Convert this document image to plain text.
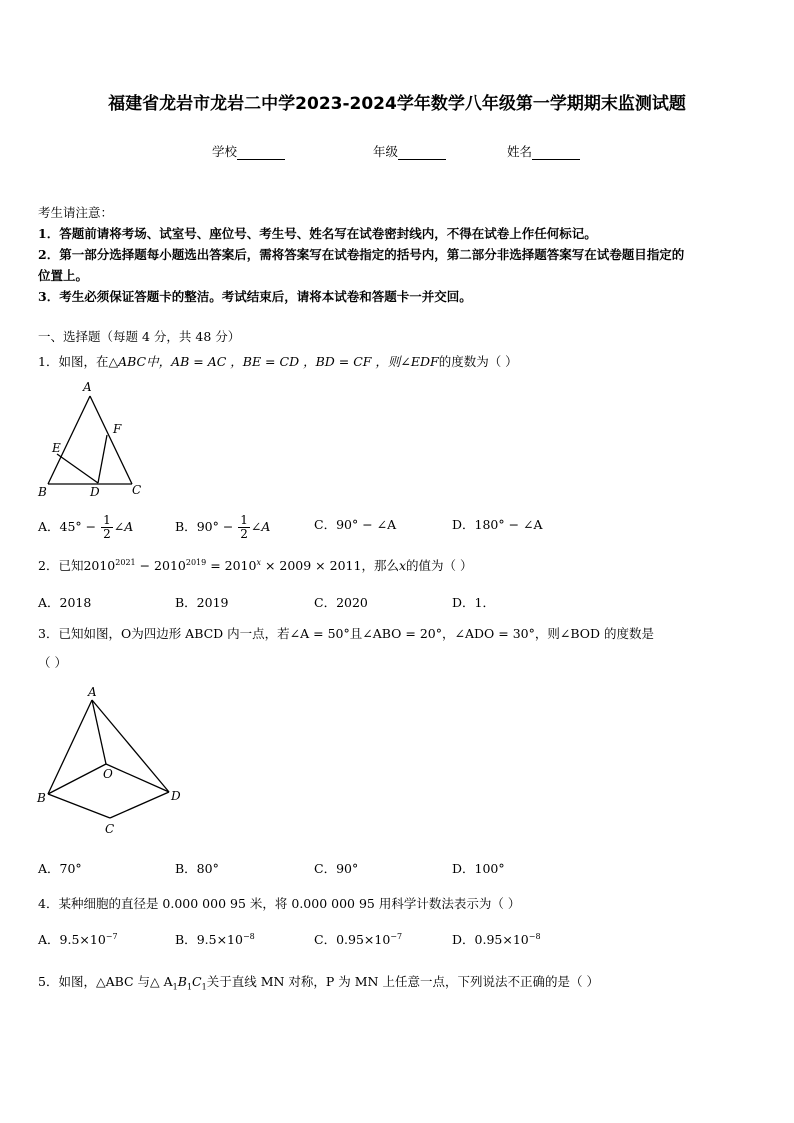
福建省龙岩市龙岩二中学2023-2024学年数学八年级第一学期期末监测试题
学校	年级	姓名

考生请注意：

1．答题前请将考场、试室号、座位号、考生号、姓名写在试卷密封线内，不得在试卷上作任何标记。

2．第一部分选择题每小题选出答案后，需将答案写在试卷指定的括号内，第二部分非选择题答案写在试卷题目指定的

位置上。

3．考生必须保证答题卡的整洁。考试结束后，请将本试卷和答题卡一并交回。

一、选择题（每题 4 分，共 48 分）
1．如图，在△ABC中，AB = AC ，BE = CD ，BD = CF ，则∠EDF的度数为（ ）
A
E
F
B	D	C
A．$45^\circ - \frac{1}{2}$ ∠A	B．$90^\circ - \frac{1}{2}$ ∠A	C．90° − ∠A	D．180° − ∠A
2．已知$2010^{2021} - 2010^{2019} = 2010^x \times 2009 \times 2011$，那么x的值为（ ）
A．2018	B．2019	C．2020	D．1．
3．已知如图，O为四边形 ABCD 内一点，若∠A = 50°且∠ABO = 20°，∠ADO = 30°，则∠BOD 的度数是
（ ）
A
O
B	D
C
A．70°	B．80°	C．90°	D．100°
4．某种细胞的直径是 0.000 000 95 米，将 0.000 000 95 用科学计数法表示为（ ）
A．$9.5\times 10^{-7}$	B．$9.5\times 10^{-8}$	C．$0.95\times 10^{-7}$	D．$0.95\times 10^{-8}$
5．如图，△ABC 与△ $A_1B_1C_1$关于直线 MN 对称，P 为 MN 上任意一点，下列说法不正确的是（ ）
